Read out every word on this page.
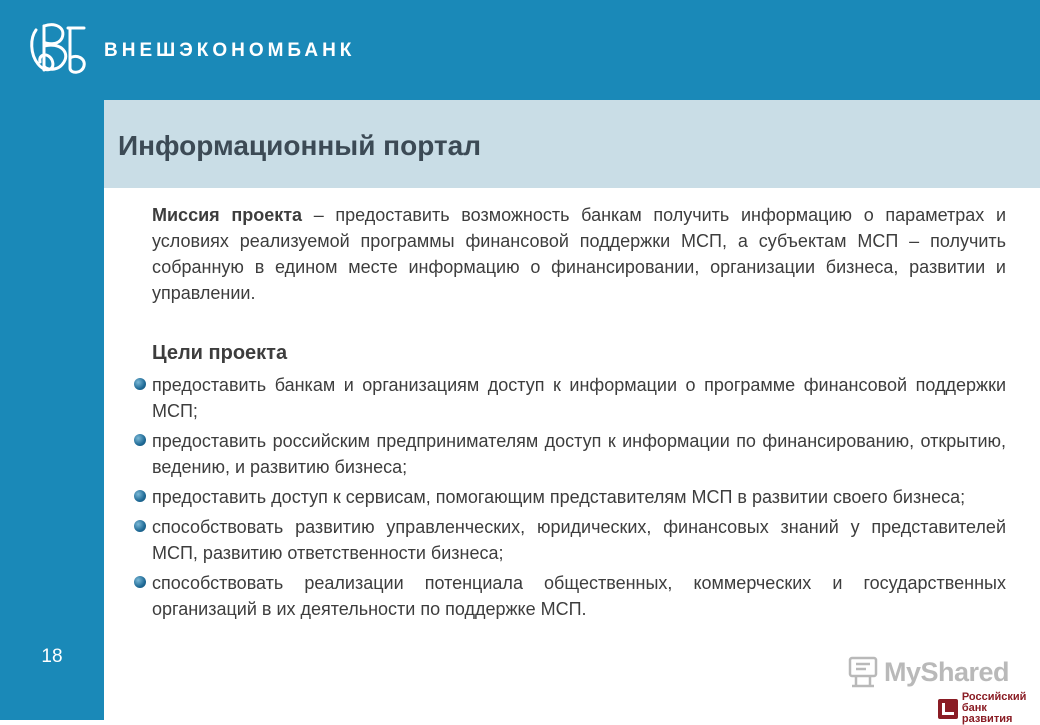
ВНЕШЭКОНОМБАНК
18
Информационный портал

Миссия проекта – предоставить возможность банкам получить информацию о параметрах и условиях реализуемой программы финансовой поддержки МСП, а субъектам МСП – получить собранную в едином месте информацию о финансировании, организации бизнеса, развитии и управлении.

Цели проекта
предоставить банкам и организациям доступ к информации о программе финансовой поддержки МСП;
предоставить российским предпринимателям доступ к информации по финансированию, открытию, ведению, и развитию бизнеса;
предоставить доступ к сервисам, помогающим представителям МСП в развитии своего бизнеса;
способствовать развитию управленческих, юридических, финансовых знаний у представителей МСП, развитию ответственности бизнеса;
способствовать реализации потенциала общественных, коммерческих и государственных организаций в их деятельности по поддержке МСП.
MyShared
Российский
банк развития
